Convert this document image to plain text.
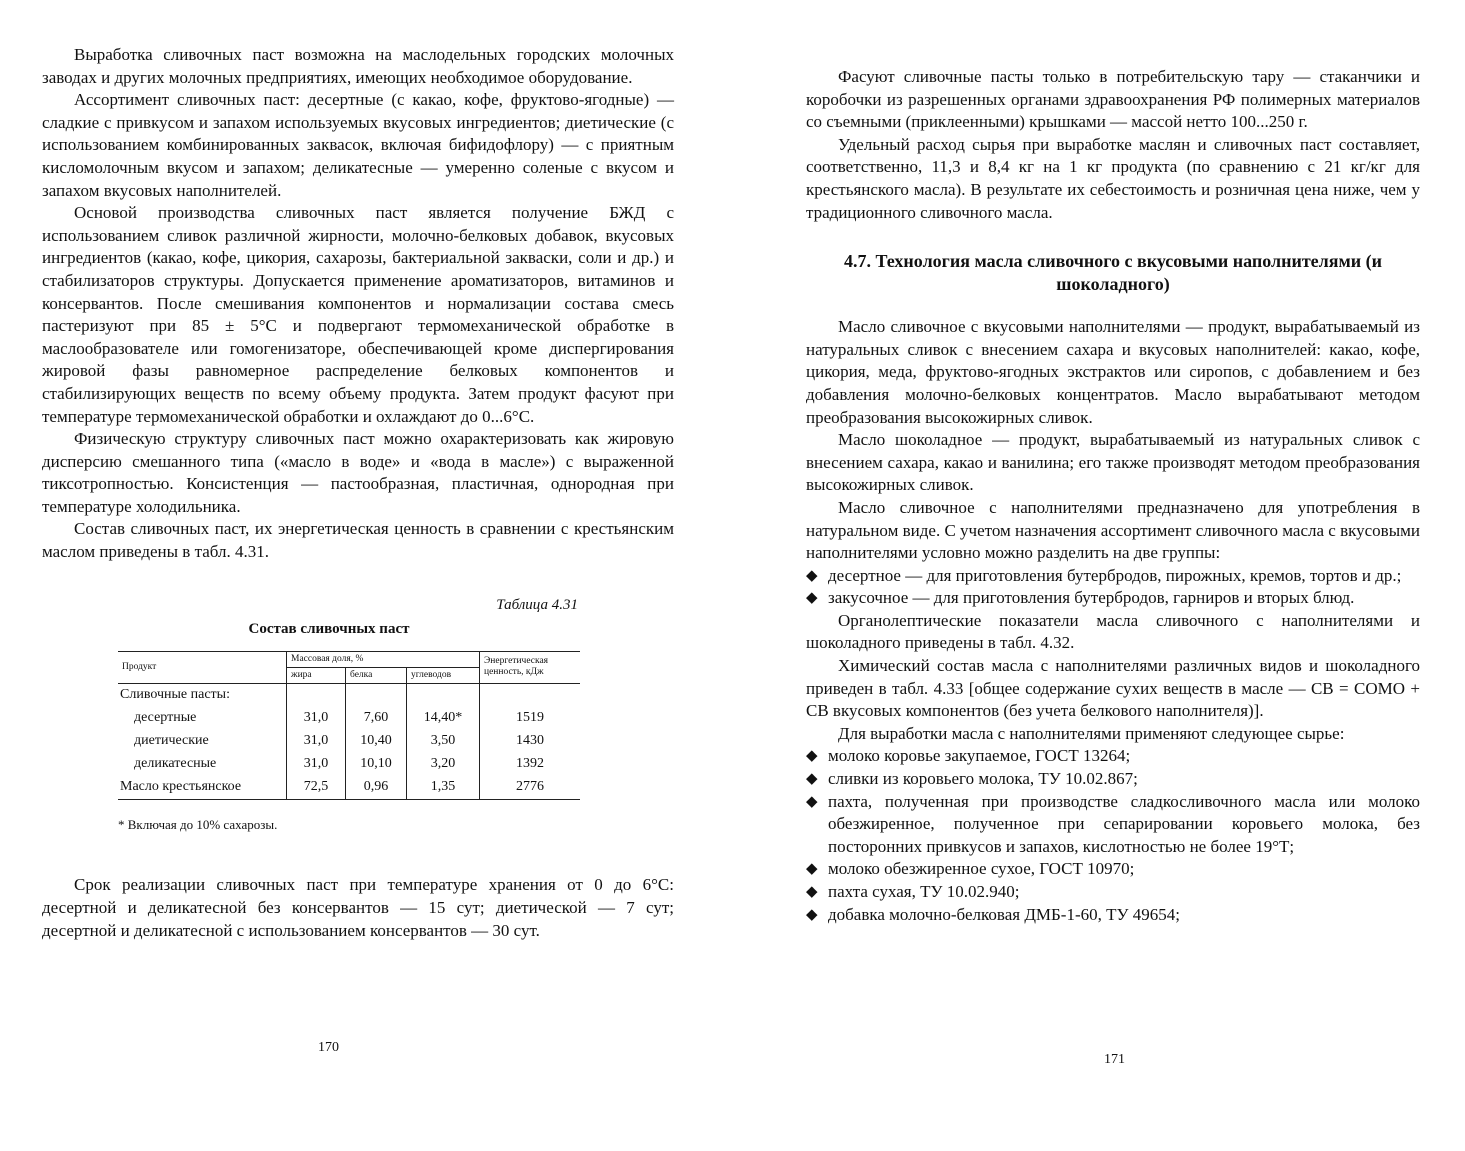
Выработка сливочных паст возможна на маслодельных городских молочных заводах и других молочных предприятиях, имеющих необходимое оборудование.

Ассортимент сливочных паст: десертные (с какао, кофе, фруктово-ягодные) — сладкие с привкусом и запахом используемых вкусовых ингредиентов; диетические (с использованием комбинированных заквасок, включая бифидофлору) — с приятным кисломолочным вкусом и запахом; деликатесные — умеренно соленые с вкусом и запахом вкусовых наполнителей.

Основой производства сливочных паст является получение БЖД с использованием сливок различной жирности, молочно-белковых добавок, вкусовых ингредиентов (какао, кофе, цикория, сахарозы, бактериальной закваски, соли и др.) и стабилизаторов структуры. Допускается применение ароматизаторов, витаминов и консервантов. После смешивания компонентов и нормализации состава смесь пастеризуют при 85 ± 5°С и подвергают термомеханической обработке в маслообразователе или гомогенизаторе, обеспечивающей кроме диспергирования жировой фазы равномерное распределение белковых компонентов и стабилизирующих веществ по всему объему продукта. Затем продукт фасуют при температуре термомеханической обработки и охлаждают до 0...6°С.

Физическую структуру сливочных паст можно охарактеризовать как жировую дисперсию смешанного типа («масло в воде» и «вода в масле») с выраженной тиксотропностью. Консистенция — пастообразная, пластичная, однородная при температуре холодильника.

Состав сливочных паст, их энергетическая ценность в сравнении с крестьянским маслом приведены в табл. 4.31.

Таблица 4.31
Состав сливочных паст
Продукт	Массовая доля, %			Энергетическая ценность, кДж
	жира	белка	углеводов	
Сливочные пасты:				
десертные	31,0	7,60	14,40*	1519
диетические	31,0	10,40	3,50	1430
деликатесные	31,0	10,10	3,20	1392
Масло крестьянское	72,5	0,96	1,35	2776
* Включая до 10% сахарозы.

Срок реализации сливочных паст при температуре хранения от 0 до 6°С: десертной и деликатесной без консервантов — 15 сут; диетической — 7 сут; десертной и деликатесной с использованием консервантов — 30 сут.

170

Фасуют сливочные пасты только в потребительскую тару — стаканчики и коробочки из разрешенных органами здравоохранения РФ полимерных материалов со съемными (приклеенными) крышками — массой нетто 100...250 г.

Удельный расход сырья при выработке маслян и сливочных паст составляет, соответственно, 11,3 и 8,4 кг на 1 кг продукта (по сравнению с 21 кг/кг для крестьянского масла). В результате их себестоимость и розничная цена ниже, чем у традиционного сливочного масла.

4.7. Технология масла сливочного с вкусовыми наполнителями (и шоколадного)

Масло сливочное с вкусовыми наполнителями — продукт, вырабатываемый из натуральных сливок с внесением сахара и вкусовых наполнителей: какао, кофе, цикория, меда, фруктово-ягодных экстрактов или сиропов, с добавлением и без добавления молочно-белковых концентратов. Масло вырабатывают методом преобразования высокожирных сливок.

Масло шоколадное — продукт, вырабатываемый из натуральных сливок с внесением сахара, какао и ванилина; его также производят методом преобразования высокожирных сливок.

Масло сливочное с наполнителями предназначено для употребления в натуральном виде. С учетом назначения ассортимент сливочного масла с вкусовыми наполнителями условно можно разделить на две группы:

◆ десертное — для приготовления бутербродов, пирожных, кремов, тортов и др.;
◆ закусочное — для приготовления бутербродов, гарниров и вторых блюд.

Органолептические показатели масла сливочного с наполнителями и шоколадного приведены в табл. 4.32.

Химический состав масла с наполнителями различных видов и шоколадного приведен в табл. 4.33 [общее содержание сухих веществ в масле — СВ = СОМО + СВ вкусовых компонентов (без учета белкового наполнителя)].

Для выработки масла с наполнителями применяют следующее сырье:

◆ молоко коровье закупаемое, ГОСТ 13264;
◆ сливки из коровьего молока, ТУ 10.02.867;
◆ пахта, полученная при производстве сладкосливочного масла или молоко обезжиренное, полученное при сепарировании коровьего молока, без посторонних привкусов и запахов, кислотностью не более 19°Т;
◆ молоко обезжиренное сухое, ГОСТ 10970;
◆ пахта сухая, ТУ 10.02.940;
◆ добавка молочно-белковая ДМБ-1-60, ТУ 49654;
171
